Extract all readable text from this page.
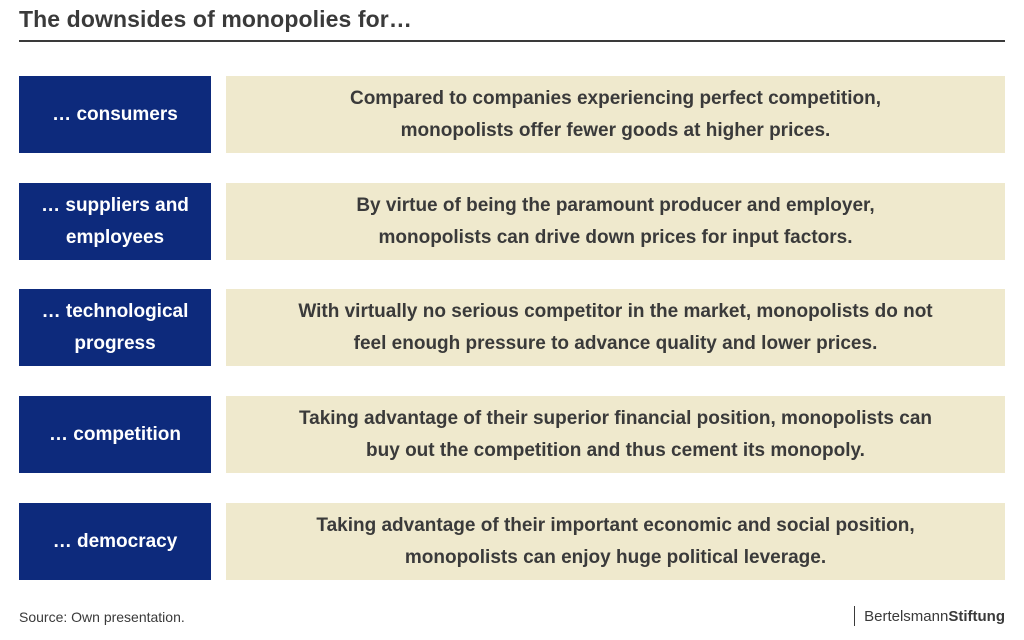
The downsides of monopolies for…
… consumers
Compared to companies experiencing perfect competition,
monopolists offer fewer goods at higher prices.
… suppliers and
employees
By virtue of being the paramount producer and employer,
monopolists can drive down prices for input factors.
… technological
progress
With virtually no serious competitor in the market, monopolists do not
feel enough pressure to advance quality and lower prices.
… competition
Taking advantage of their superior financial position, monopolists can
buy out the competition and thus cement its monopoly.
… democracy
Taking advantage of their important economic and social position,
monopolists can enjoy huge political leverage.
Source: Own presentation.	Bertelsmann Stiftung
